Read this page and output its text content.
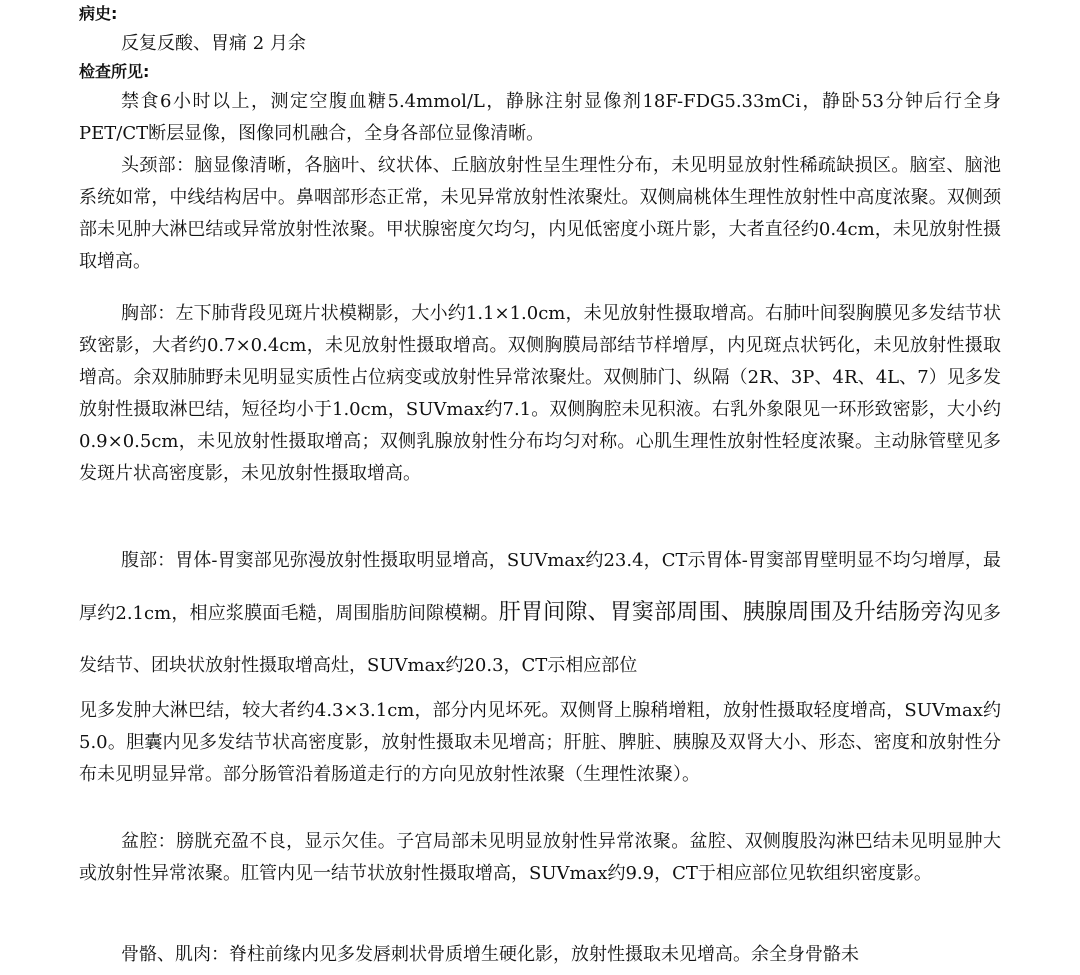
病史:
反复反酸、胃痛 2 月余
检查所见:
禁食6小时以上，测定空腹血糖5.4mmol/L，静脉注射显像剂18F-FDG5.33mCi，静卧53分钟后行全身PET/CT断层显像，图像同机融合，全身各部位显像清晰。
头颈部：脑显像清晰，各脑叶、纹状体、丘脑放射性呈生理性分布，未见明显放射性稀疏缺损区。脑室、脑池系统如常，中线结构居中。鼻咽部形态正常，未见异常放射性浓聚灶。双侧扁桃体生理性放射性中高度浓聚。双侧颈部未见肿大淋巴结或异常放射性浓聚。甲状腺密度欠均匀，内见低密度小斑片影，大者直径约0.4cm，未见放射性摄取增高。
胸部：左下肺背段见斑片状模糊影，大小约1.1×1.0cm，未见放射性摄取增高。右肺叶间裂胸膜见多发结节状致密影，大者约0.7×0.4cm，未见放射性摄取增高。双侧胸膜局部结节样增厚，内见斑点状钙化，未见放射性摄取增高。余双肺肺野未见明显实质性占位病变或放射性异常浓聚灶。双侧肺门、纵隔（2R、3P、4R、4L、7）见多发放射性摄取淋巴结，短径均小于1.0cm，SUVmax约7.1。双侧胸腔未见积液。右乳外象限见一环形致密影，大小约0.9×0.5cm，未见放射性摄取增高；双侧乳腺放射性分布均匀对称。心肌生理性放射性轻度浓聚。主动脉管壁见多发斑片状高密度影，未见放射性摄取增高。
腹部：胃体-胃窦部见弥漫放射性摄取明显增高，SUVmax约23.4，CT示胃体-胃窦部胃壁明显不均匀增厚，最厚约2.1cm，相应浆膜面毛糙，周围脂肪间隙模糊。肝胃间隙、胃窦部周围、胰腺周围及升结肠旁沟见多发结节、团块状放射性摄取增高灶，SUVmax约20.3，CT示相应部位
见多发肿大淋巴结，较大者约4.3×3.1cm，部分内见坏死。双侧肾上腺稍增粗，放射性摄取轻度增高，SUVmax约5.0。胆囊内见多发结节状高密度影，放射性摄取未见增高；肝脏、脾脏、胰腺及双肾大小、形态、密度和放射性分布未见明显异常。部分肠管沿着肠道走行的方向见放射性浓聚（生理性浓聚）。
盆腔：膀胱充盈不良，显示欠佳。子宫局部未见明显放射性异常浓聚。盆腔、双侧腹股沟淋巴结未见明显肿大或放射性异常浓聚。肛管内见一结节状放射性摄取增高，SUVmax约9.9，CT于相应部位见软组织密度影。
骨骼、肌肉：脊柱前缘内见多发唇刺状骨质增生硬化影，放射性摄取未见增高。余全身骨骼未
